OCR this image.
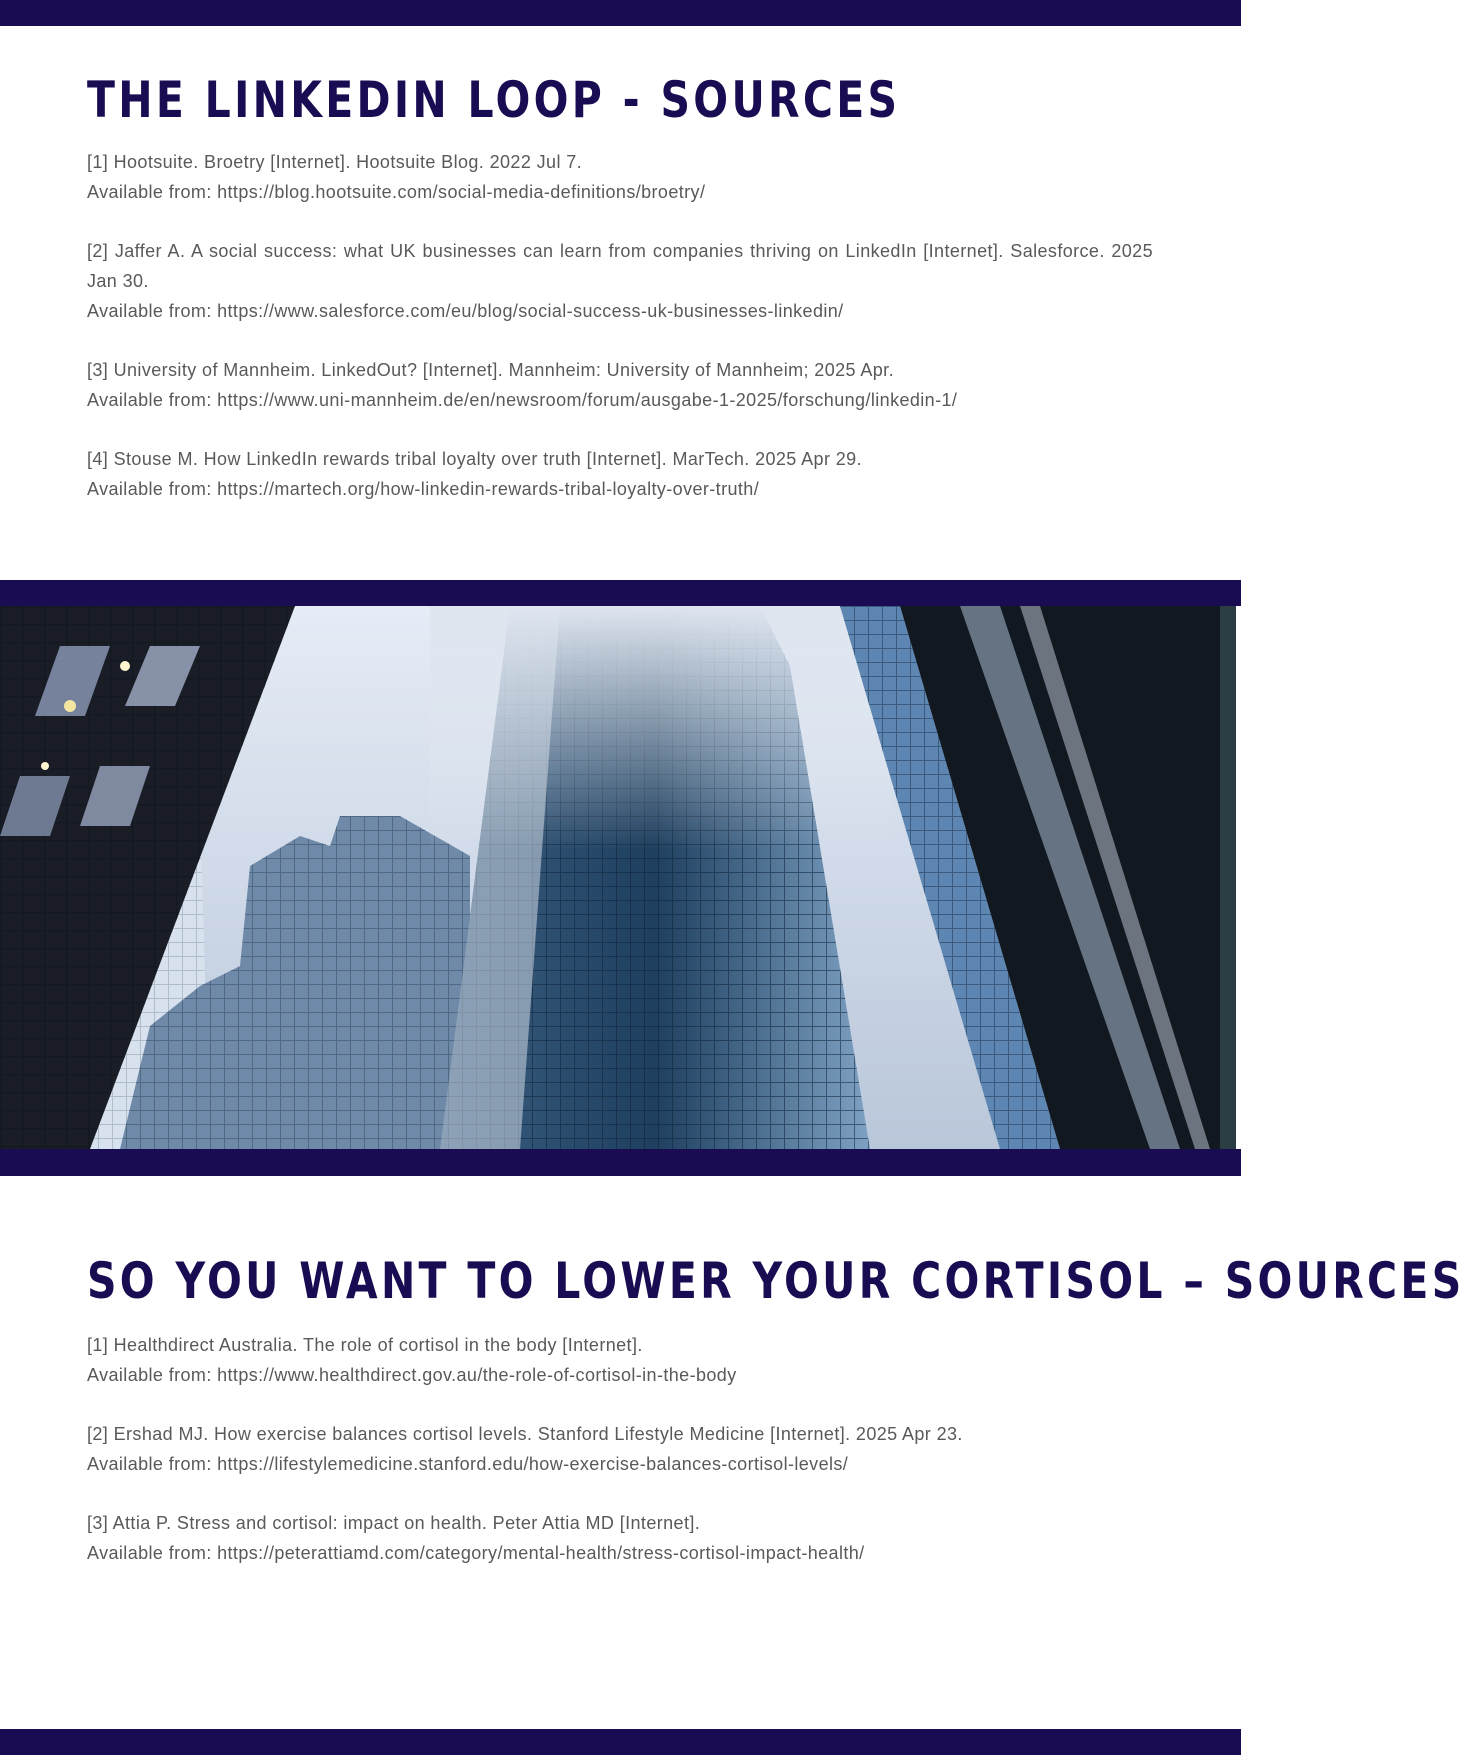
THE LINKEDIN LOOP - SOURCES

[1] Hootsuite. Broetry [Internet]. Hootsuite Blog. 2022 Jul 7.

Available from: https://blog.hootsuite.com/social-media-definitions/broetry/

[2] Jaffer A. A social success: what UK businesses can learn from companies thriving on LinkedIn [Internet]. Salesforce. 2025 Jan 30.

Available from: https://www.salesforce.com/eu/blog/social-success-uk-businesses-linkedin/

[3] University of Mannheim. LinkedOut? [Internet]. Mannheim: University of Mannheim; 2025 Apr.

Available from: https://www.uni-mannheim.de/en/newsroom/forum/ausgabe-1-2025/forschung/linkedin-1/

[4] Stouse M. How LinkedIn rewards tribal loyalty over truth [Internet]. MarTech. 2025 Apr 29.

Available from: https://martech.org/how-linkedin-rewards-tribal-loyalty-over-truth/

SO YOU WANT TO LOWER YOUR CORTISOL – SOURCES

[1] Healthdirect Australia. The role of cortisol in the body [Internet].

Available from: https://www.healthdirect.gov.au/the-role-of-cortisol-in-the-body

[2] Ershad MJ. How exercise balances cortisol levels. Stanford Lifestyle Medicine [Internet]. 2025 Apr 23.

Available from: https://lifestylemedicine.stanford.edu/how-exercise-balances-cortisol-levels/

[3] Attia P. Stress and cortisol: impact on health. Peter Attia MD [Internet].

Available from: https://peterattiamd.com/category/mental-health/stress-cortisol-impact-health/
